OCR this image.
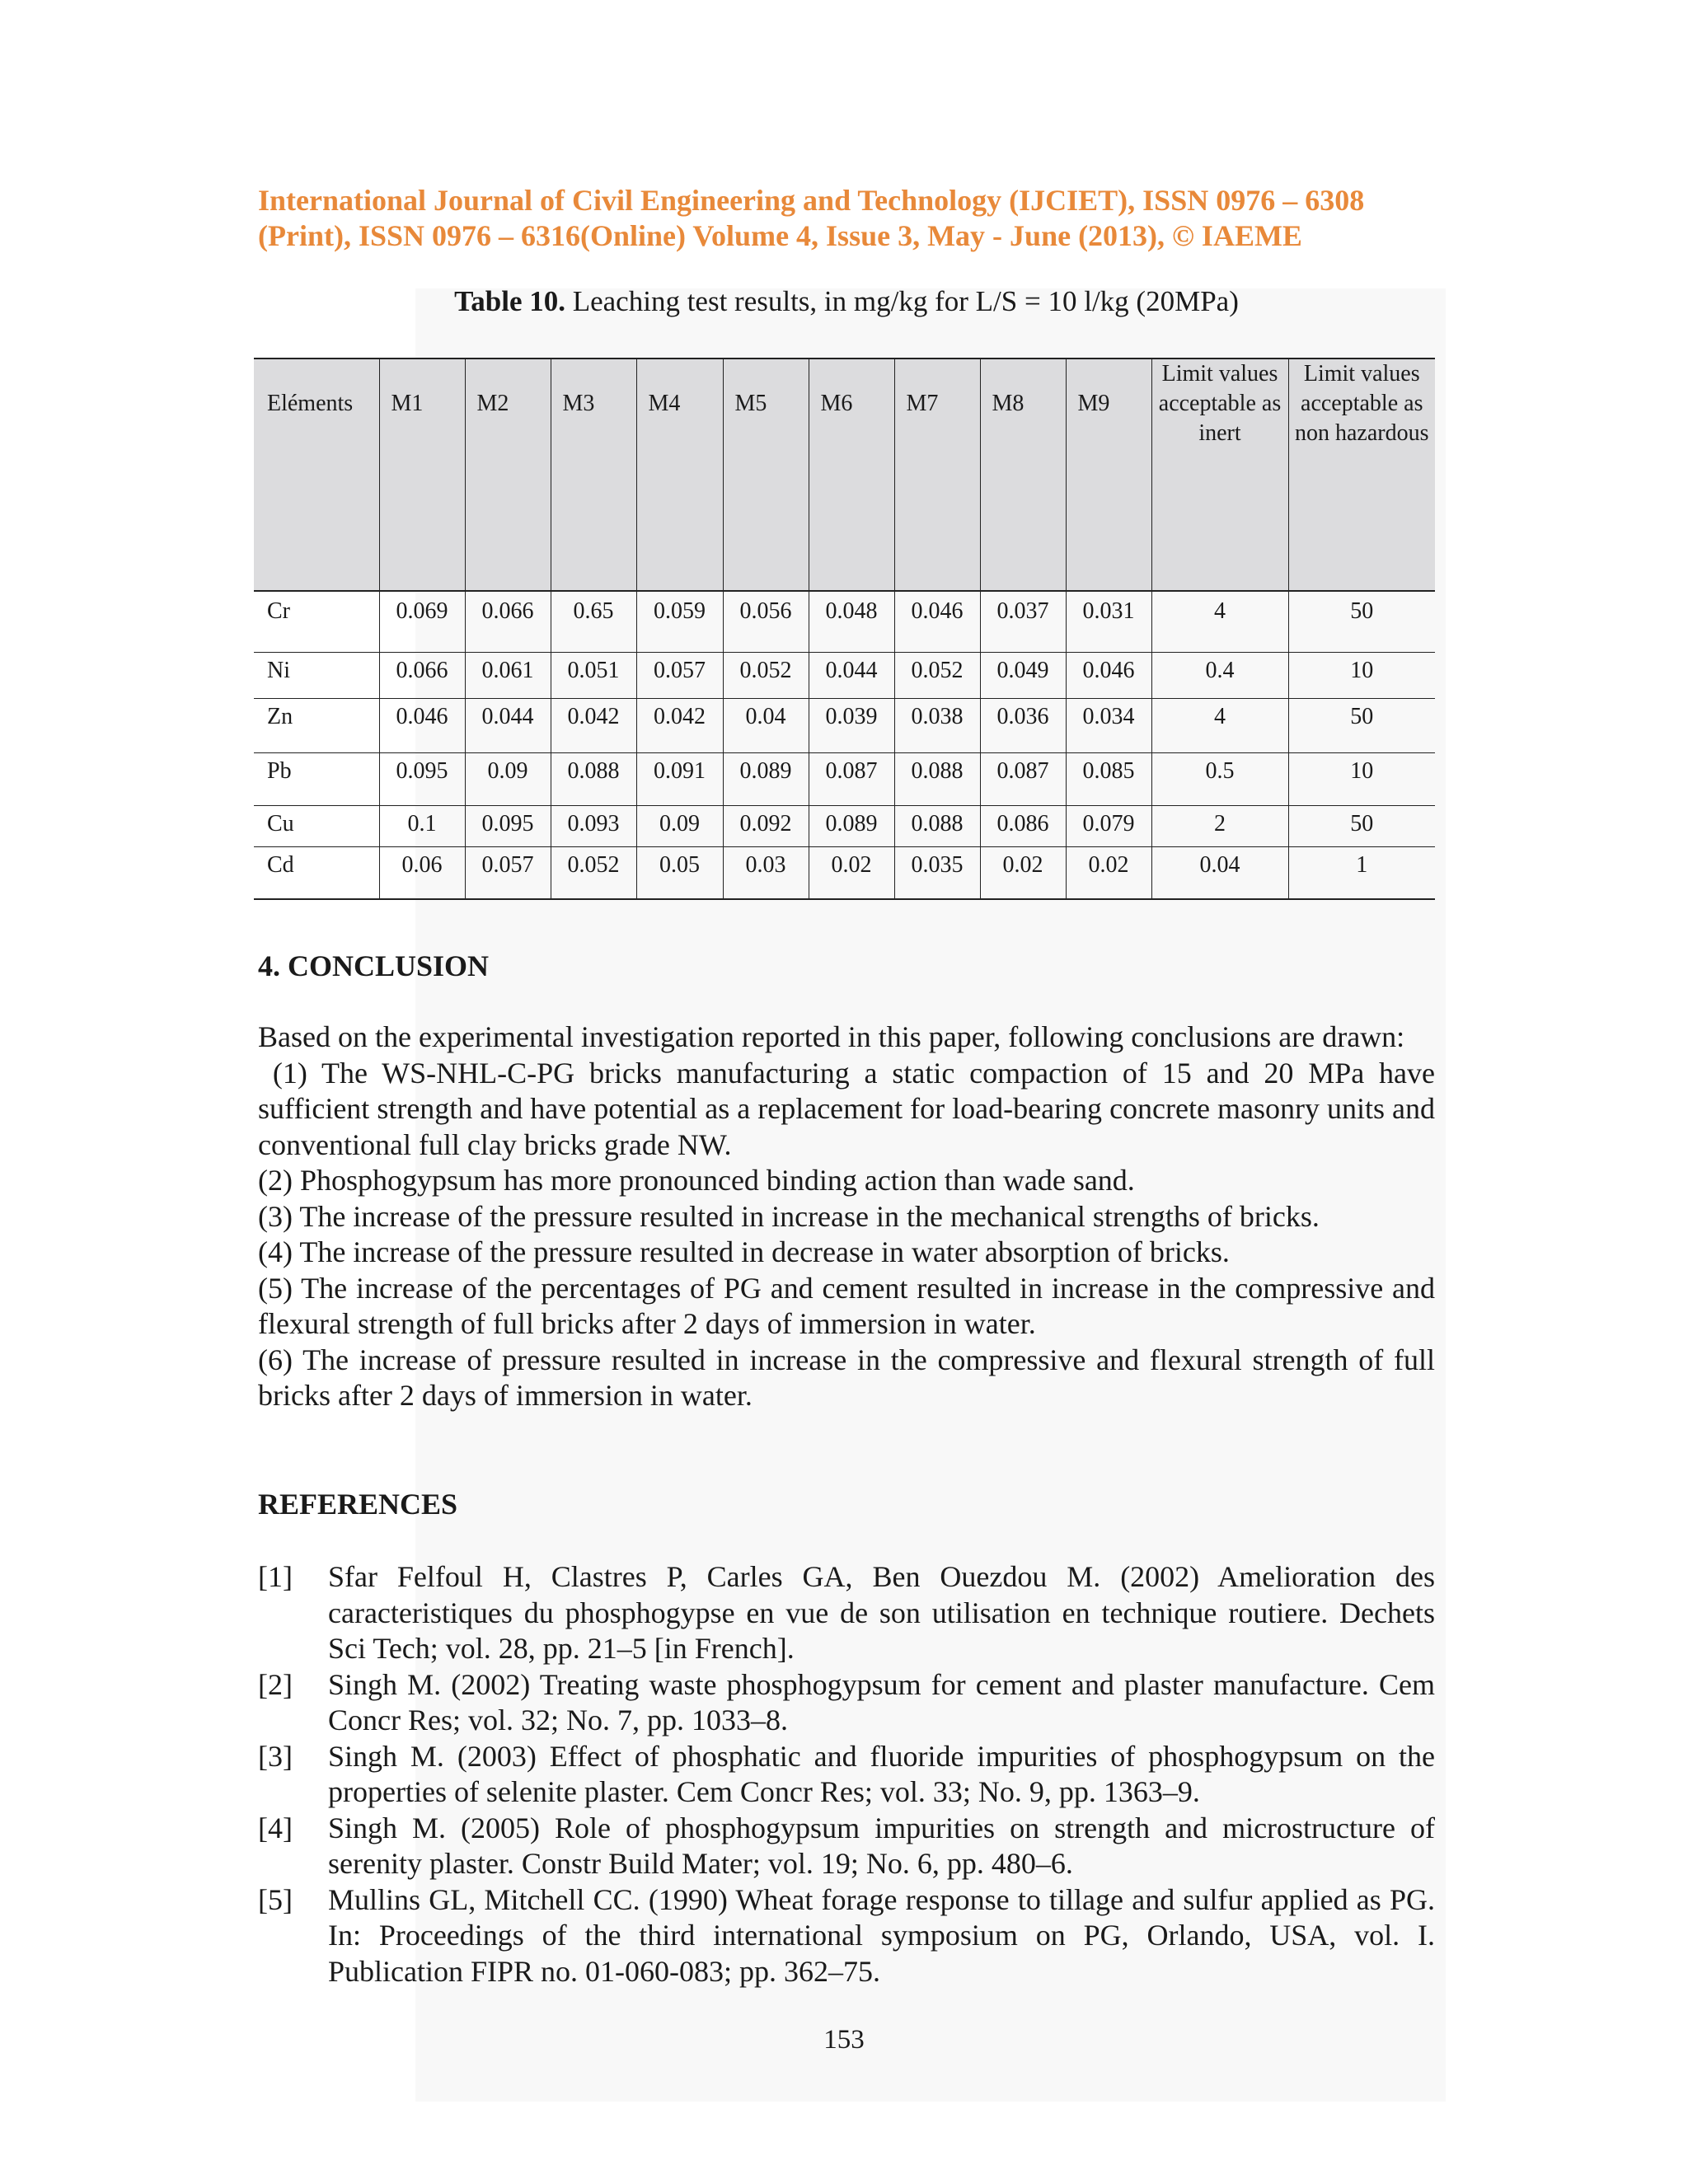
International Journal of Civil Engineering and Technology (IJCIET), ISSN 0976 – 6308
(Print), ISSN 0976 – 6316(Online) Volume 4, Issue 3, May - June (2013), © IAEME
Table 10. Leaching test results, in mg/kg for L/S = 10 l/kg (20MPa)
Eléments	M1	M2	M3	M4	M5	M6	M7	M8	M9	Limit values acceptable as inert	Limit values acceptable as non hazardous
Cr	0.069	0.066	0.65	0.059	0.056	0.048	0.046	0.037	0.031	4	50
Ni	0.066	0.061	0.051	0.057	0.052	0.044	0.052	0.049	0.046	0.4	10
Zn	0.046	0.044	0.042	0.042	0.04	0.039	0.038	0.036	0.034	4	50
Pb	0.095	0.09	0.088	0.091	0.089	0.087	0.088	0.087	0.085	0.5	10
Cu	0.1	0.095	0.093	0.09	0.092	0.089	0.088	0.086	0.079	2	50
Cd	0.06	0.057	0.052	0.05	0.03	0.02	0.035	0.02	0.02	0.04	1
4. CONCLUSION

Based on the experimental investigation reported in this paper, following conclusions are drawn:

(1) The WS-NHL-C-PG bricks manufacturing a static compaction of 15 and 20 MPa have sufficient strength and have potential as a replacement for load-bearing concrete masonry units and conventional full clay bricks grade NW.

(2) Phosphogypsum has more pronounced binding action than wade sand.

(3) The increase of the pressure resulted in increase in the mechanical strengths of bricks.

(4) The increase of the pressure resulted in decrease in water absorption of bricks.

(5) The increase of the percentages of PG and cement resulted in increase in the compressive and flexural strength of full bricks after 2 days of immersion in water.

(6) The increase of pressure resulted in increase in the compressive and flexural strength of full bricks after 2 days of immersion in water.

REFERENCES
[1]	Sfar Felfoul H, Clastres P, Carles GA, Ben Ouezdou M. (2002) Amelioration des caracteristiques du phosphogypse en vue de son utilisation en technique routiere. Dechets Sci Tech; vol. 28, pp. 21–5 [in French].
[2]	Singh M. (2002) Treating waste phosphogypsum for cement and plaster manufacture. Cem Concr Res; vol. 32; No. 7, pp. 1033–8.
[3]	Singh M. (2003) Effect of phosphatic and fluoride impurities of phosphogypsum on the properties of selenite plaster. Cem Concr Res; vol. 33; No. 9, pp. 1363–9.
[4]	Singh M. (2005) Role of phosphogypsum impurities on strength and microstructure of serenity plaster. Constr Build Mater; vol. 19; No. 6, pp. 480–6.
[5]	Mullins GL, Mitchell CC. (1990) Wheat forage response to tillage and sulfur applied as PG. In: Proceedings of the third international symposium on PG, Orlando, USA, vol. I. Publication FIPR no. 01-060-083; pp. 362–75.
153
